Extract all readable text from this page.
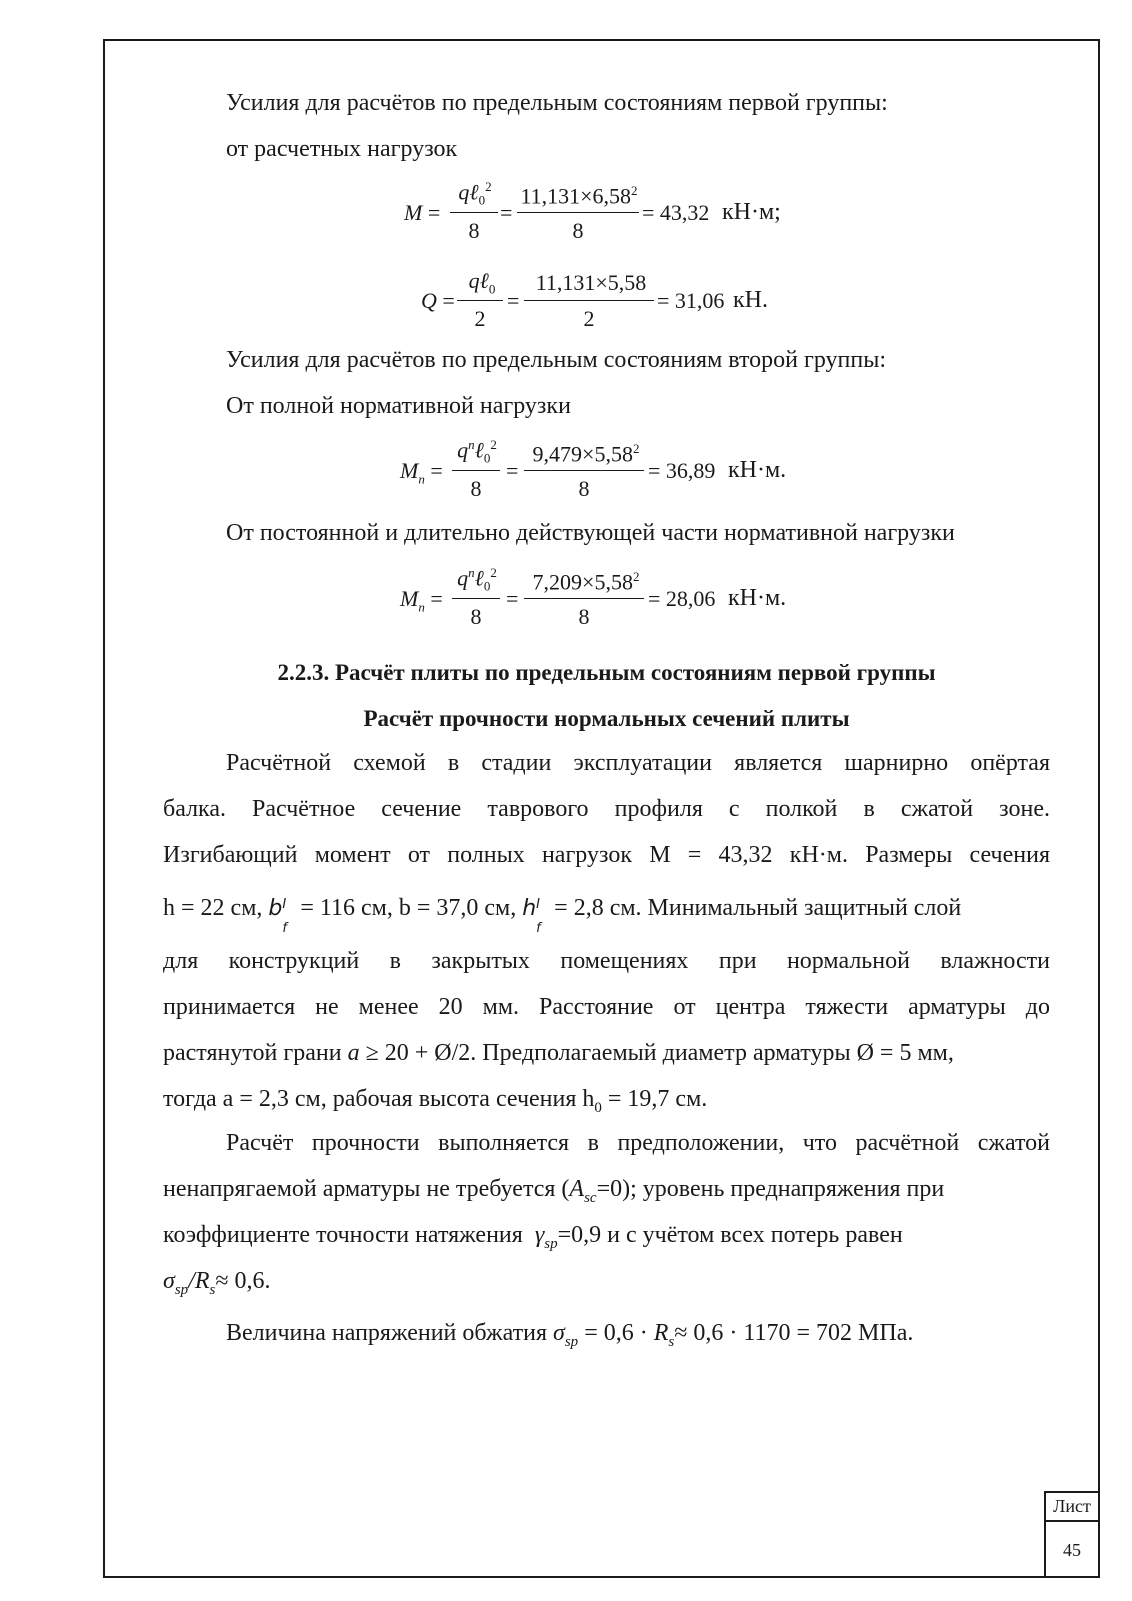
Усилия для расчётов по предельным состояниям первой группы:
от расчетных нагрузок
M =
qℓ$_0^2$
8
=
$11,131\times 6,58^2$
8
= 43,32 кН·м;
Q =
qℓ$_0$
2
=
11,131×5,58
2
= 31,06 кН.
Усилия для расчётов по предельным состояниям второй группы:
От полной нормативной нагрузки
$M_n$ =
$q^n\ell_0^2$
8
=
$9,479\times 5,58^2$
8
= 36,89 кН·м.
От постоянной и длительно действующей части нормативной нагрузки
$M_n$ =
$q^n\ell_0^2$
8
=
$7,209\times 5,58^2$
8
= 28,06 кН·м.
2.2.3. Расчёт плиты по предельным состояниям первой группы
Расчёт прочности нормальных сечений плиты
Расчётной схемой в стадии эксплуатации является шарнирно опёртая
балка. Расчётное сечение таврового профиля с полкой в сжатой зоне.
Изгибающий момент от полных нагрузок М = 43,32 кН·м. Размеры сечения
h = 22 см, b
f
I = 116 см, b = 37,0 см, h
f
I = 2,8 см. Минимальный защитный слой
для конструкций в закрытых помещениях при нормальной влажности
принимается не менее 20 мм. Расстояние от центра тяжести арматуры до
растянутой грани a ≥ 20 + Ø/2. Предполагаемый диаметр арматуры Ø = 5 мм,
тогда а = 2,3 см, рабочая высота сечения $h_0 = 19,7$ см.
Расчёт прочности выполняется в предположении, что расчётной сжатой
ненапрягаемой арматуры не требуется $(A_{sc}=0)$; уровень преднапряжения при
коэффициенте точности натяжения $\gamma_{sp}=0,9$ и с учётом всех потерь равен
$\sigma_{sp}/R_s\approx 0,6$.
Величина напряжений обжатия $\sigma_{sp} = 0,6 \cdot R_s\approx 0,6 \cdot 1170 = 702$ МПа.
Лист
45
